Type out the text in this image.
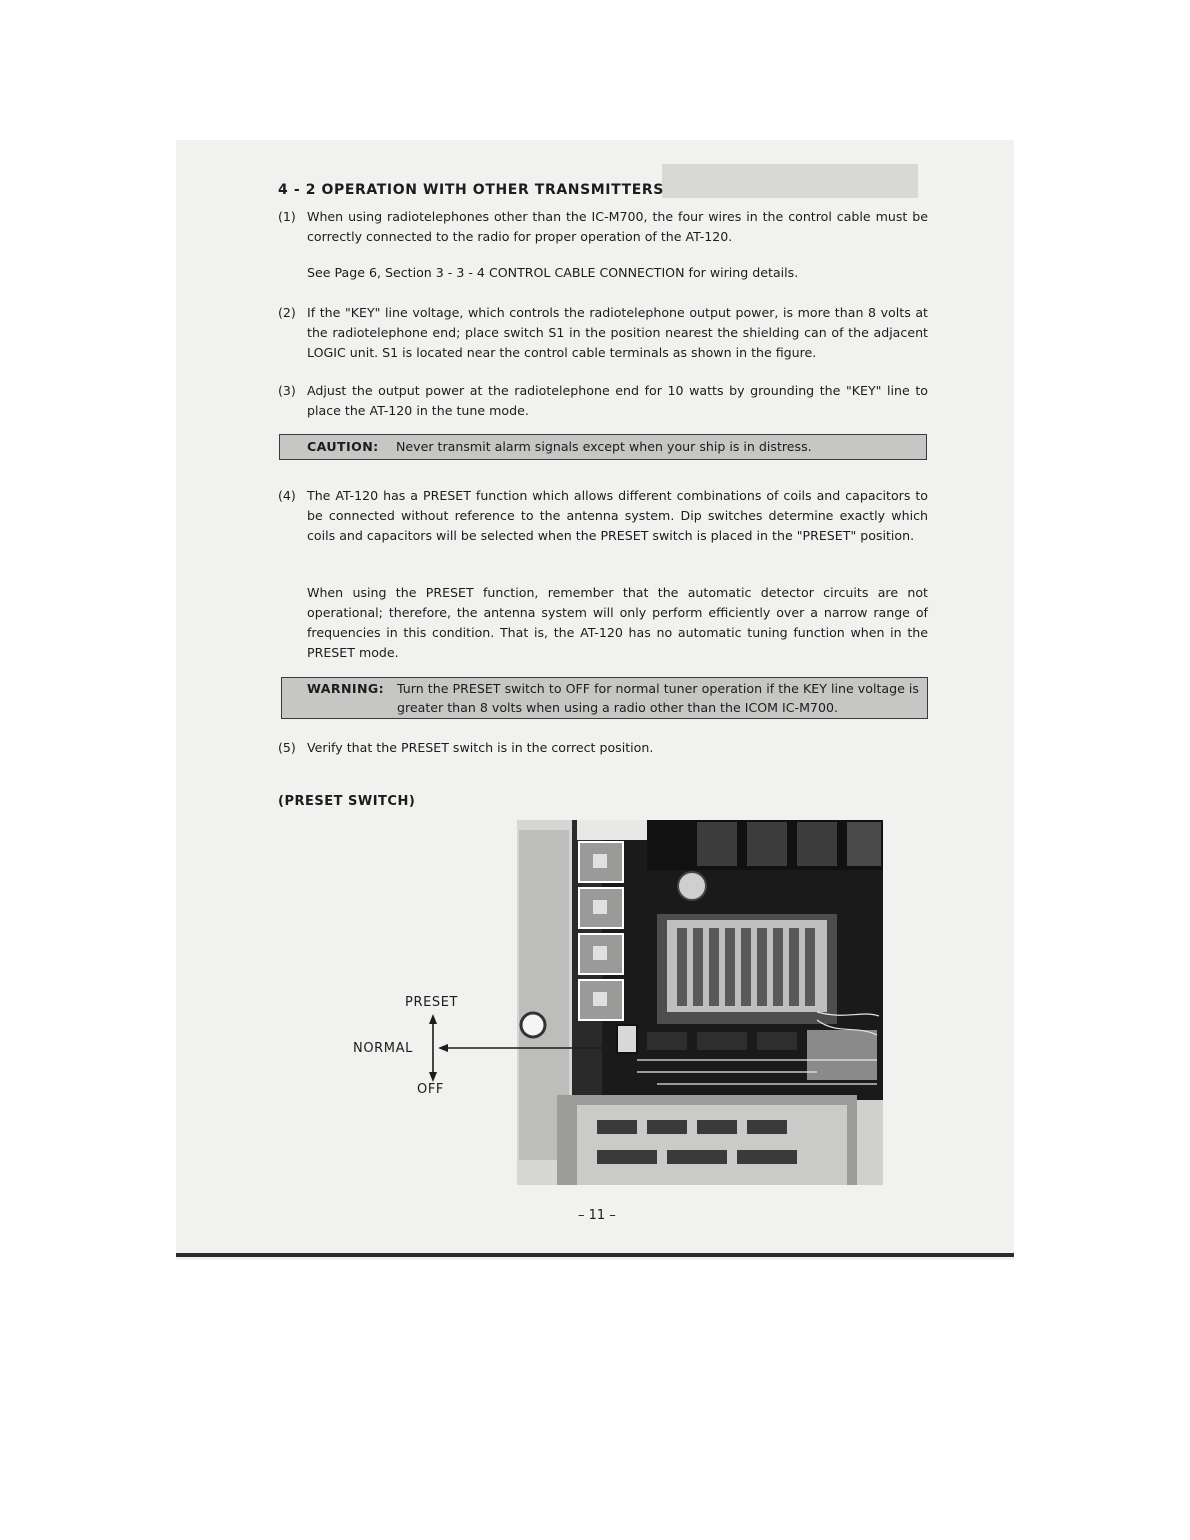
4 - 2 OPERATION WITH OTHER TRANSMITTERS
(1) When using radiotelephones other than the IC-M700, the four wires in the control cable must be correctly connected to the radio for proper operation of the AT-120.
See Page 6, Section 3 - 3 - 4 CONTROL CABLE CONNECTION for wiring details.
(2) If the "KEY" line voltage, which controls the radiotelephone output power, is more than 8 volts at the radiotelephone end; place switch S1 in the position nearest the shielding can of the adjacent LOGIC unit. S1 is located near the control cable terminals as shown in the figure.
(3) Adjust the output power at the radiotelephone end for 10 watts by grounding the "KEY" line to place the AT-120 in the tune mode.
CAUTION: Never transmit alarm signals except when your ship is in distress.
(4) The AT-120 has a PRESET function which allows different combinations of coils and capacitors to be connected without reference to the antenna system. Dip switches determine exactly which coils and capacitors will be selected when the PRESET switch is placed in the "PRESET" position.
When using the PRESET function, remember that the automatic detector circuits are not operational; therefore, the antenna system will only perform efficiently over a narrow range of frequencies in this condition. That is, the AT-120 has no automatic tuning function when in the PRESET mode.
WARNING: Turn the PRESET switch to OFF for normal tuner operation if the KEY line voltage is greater than 8 volts when using a radio other than the ICOM IC-M700.
(5) Verify that the PRESET switch is in the correct position.
(PRESET SWITCH)
PRESET
NORMAL
OFF
– 11 –
